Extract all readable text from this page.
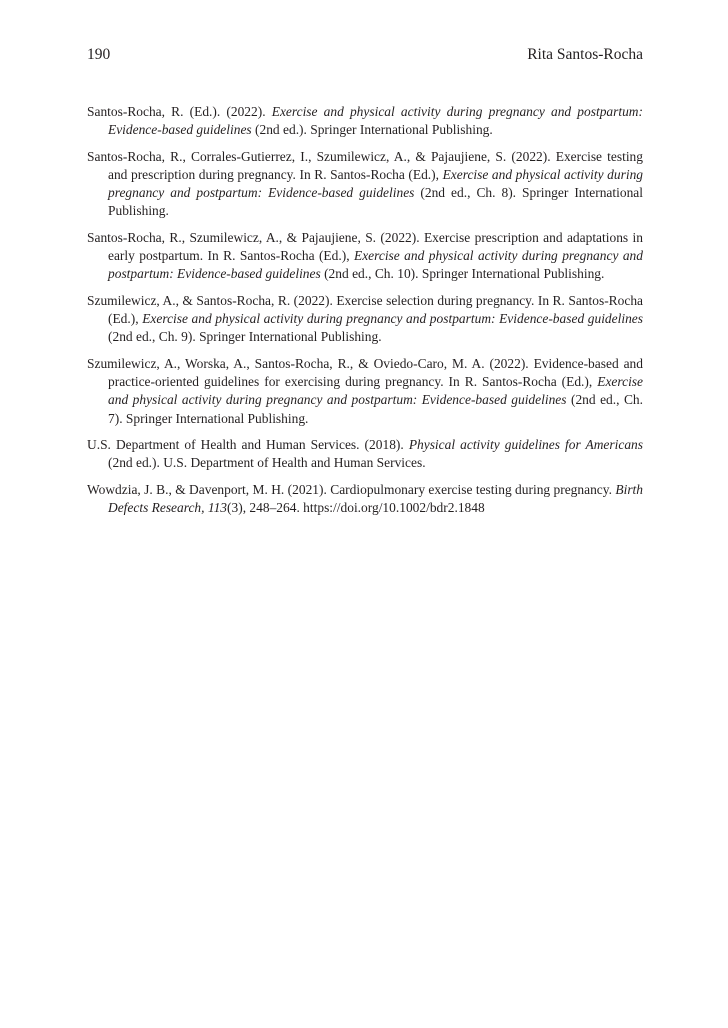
190	Rita Santos-Rocha

Santos-Rocha, R. (Ed.). (2022). Exercise and physical activity during pregnancy and postpartum: Evidence-based guidelines (2nd ed.). Springer International Publishing.

Santos-Rocha, R., Corrales-Gutierrez, I., Szumilewicz, A., & Pajaujiene, S. (2022). Exercise testing and prescription during pregnancy. In R. Santos-Rocha (Ed.), Exercise and physical activity during pregnancy and postpartum: Evidence-based guidelines (2nd ed., Ch. 8). Springer International Publishing.

Santos-Rocha, R., Szumilewicz, A., & Pajaujiene, S. (2022). Exercise prescription and adaptations in early postpartum. In R. Santos-Rocha (Ed.), Exercise and physical activity during pregnancy and postpartum: Evidence-based guidelines (2nd ed., Ch. 10). Springer International Publishing.

Szumilewicz, A., & Santos-Rocha, R. (2022). Exercise selection during pregnancy. In R. Santos-Rocha (Ed.), Exercise and physical activity during pregnancy and postpartum: Evidence-based guidelines (2nd ed., Ch. 9). Springer International Publishing.

Szumilewicz, A., Worska, A., Santos-Rocha, R., & Oviedo-Caro, M. A. (2022). Evidence-based and practice-oriented guidelines for exercising during pregnancy. In R. Santos-Rocha (Ed.), Exercise and physical activity during pregnancy and postpartum: Evidence-based guidelines (2nd ed., Ch. 7). Springer International Publishing.

U.S. Department of Health and Human Services. (2018). Physical activity guidelines for Americans (2nd ed.). U.S. Department of Health and Human Services.

Wowdzia, J. B., & Davenport, M. H. (2021). Cardiopulmonary exercise testing during pregnancy. Birth Defects Research, 113(3), 248–264. https://doi.org/10.1002/bdr2.1848
